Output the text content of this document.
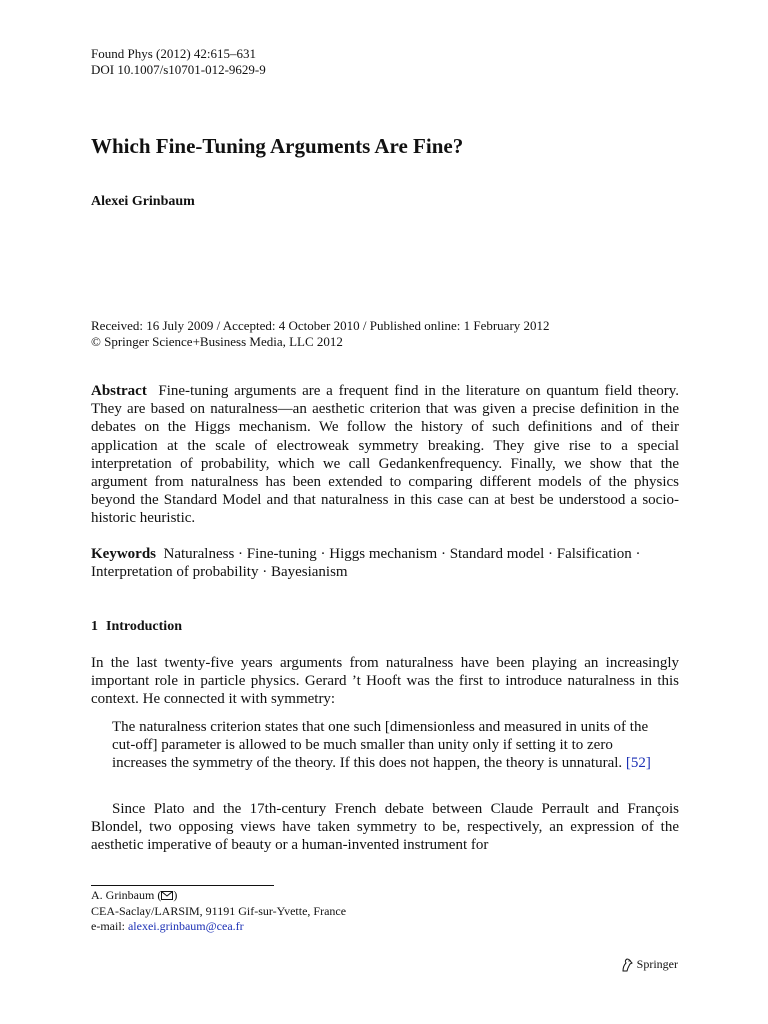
Found Phys (2012) 42:615–631
DOI 10.1007/s10701-012-9629-9
Which Fine-Tuning Arguments Are Fine?
Alexei Grinbaum
Received: 16 July 2009 / Accepted: 4 October 2010 / Published online: 1 February 2012
© Springer Science+Business Media, LLC 2012

Abstract Fine-tuning arguments are a frequent find in the literature on quantum field theory. They are based on naturalness—an aesthetic criterion that was given a precise definition in the debates on the Higgs mechanism. We follow the history of such definitions and of their application at the scale of electroweak symmetry breaking. They give rise to a special interpretation of probability, which we call Gedankenfrequency. Finally, we show that the argument from naturalness has been extended to comparing different models of the physics beyond the Standard Model and that naturalness in this case can at best be understood a socio-historic heuristic.

Keywords Naturalness · Fine-tuning · Higgs mechanism · Standard model · Falsification · Interpretation of probability · Bayesianism

1 Introduction

In the last twenty-five years arguments from naturalness have been playing an increasingly important role in particle physics. Gerard ’t Hooft was the first to introduce naturalness in this context. He connected it with symmetry:

The naturalness criterion states that one such [dimensionless and measured in units of the cut-off] parameter is allowed to be much smaller than unity only if setting it to zero increases the symmetry of the theory. If this does not happen, the theory is unnatural. [52]

Since Plato and the 17th-century French debate between Claude Perrault and François Blondel, two opposing views have taken symmetry to be, respectively, an expression of the aesthetic imperative of beauty or a human-invented instrument for

A. Grinbaum ( )
CEA-Saclay/LARSIM, 91191 Gif-sur-Yvette, France
e-mail: alexei.grinbaum@cea.fr
Springer
